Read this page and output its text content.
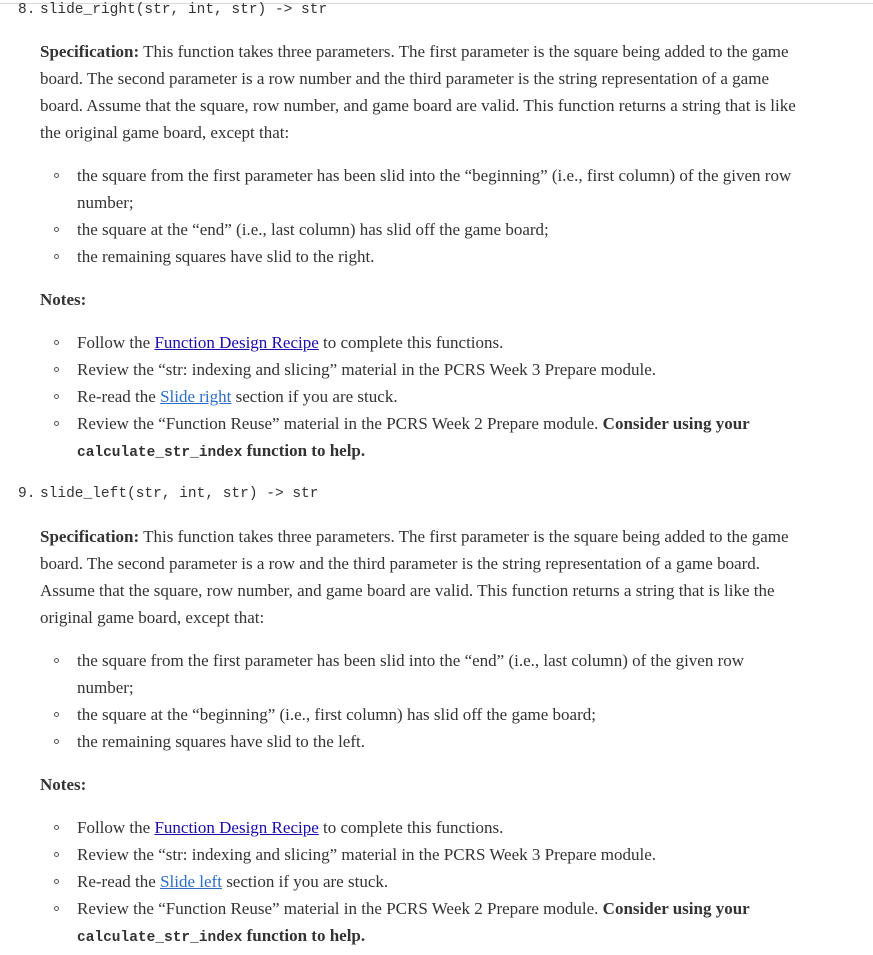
8. slide_right(str, int, str) -> str

Specification: This function takes three parameters. The first parameter is the square being added to the game board. The second parameter is a row number and the third parameter is the string representation of a game board. Assume that the square, row number, and game board are valid. This function returns a string that is like the original game board, except that:

the square from the first parameter has been slid into the “beginning” (i.e., first column) of the given row number;
the square at the “end” (i.e., last column) has slid off the game board;
the remaining squares have slid to the right.

Notes:

Follow the Function Design Recipe to complete this functions.
Review the “str: indexing and slicing” material in the PCRS Week 3 Prepare module.
Re-read the Slide right section if you are stuck.
Review the “Function Reuse” material in the PCRS Week 2 Prepare module. Consider using your
calculate_str_index function to help.
9. slide_left(str, int, str) -> str

Specification: This function takes three parameters. The first parameter is the square being added to the game board. The second parameter is a row and the third parameter is the string representation of a game board. Assume that the square, row number, and game board are valid. This function returns a string that is like the original game board, except that:

the square from the first parameter has been slid into the “end” (i.e., last column) of the given row number;
the square at the “beginning” (i.e., first column) has slid off the game board;
the remaining squares have slid to the left.

Notes:

Follow the Function Design Recipe to complete this functions.
Review the “str: indexing and slicing” material in the PCRS Week 3 Prepare module.
Re-read the Slide left section if you are stuck.
Review the “Function Reuse” material in the PCRS Week 2 Prepare module. Consider using your
calculate_str_index function to help.
